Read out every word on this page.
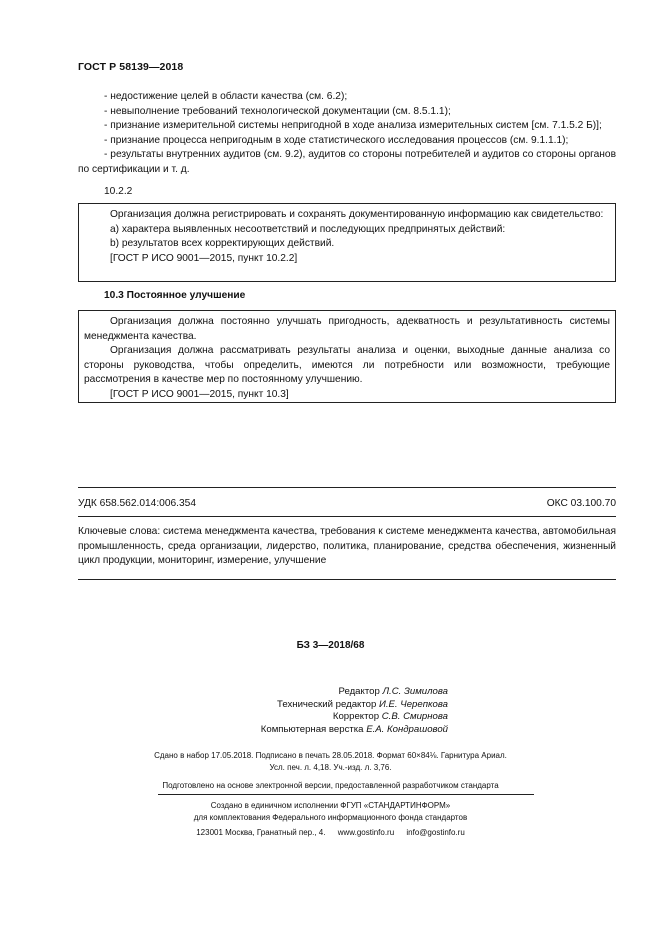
ГОСТ Р 58139—2018
- недостижение целей в области качества (см. 6.2);
- невыполнение требований технологической документации (см. 8.5.1.1);
- признание измерительной системы непригодной в ходе анализа измерительных систем [см. 7.1.5.2 Б)];
- признание процесса непригодным в ходе статистического исследования процессов (см. 9.1.1.1);
- результаты внутренних аудитов (см. 9.2), аудитов со стороны потребителей и аудитов со стороны органов по сертификации и т. д.
10.2.2
Организация должна регистрировать и сохранять документированную информацию как свидетельство:
a) характера выявленных несоответствий и последующих предпринятых действий:
b) результатов всех корректирующих действий.
[ГОСТ Р ИСО 9001—2015, пункт 10.2.2]
10.3 Постоянное улучшение
Организация должна постоянно улучшать пригодность, адекватность и результативность системы менеджмента качества.
Организация должна рассматривать результаты анализа и оценки, выходные данные анализа со стороны руководства, чтобы определить, имеются ли потребности или возможности, требующие рассмотрения в качестве мер по постоянному улучшению.
[ГОСТ Р ИСО 9001—2015, пункт 10.3]
УДК 658.562.014:006.354	ОКС 03.100.70
Ключевые слова: система менеджмента качества, требования к системе менеджмента качества, автомобильная промышленность, среда организации, лидерство, политика, планирование, средства обеспечения, жизненный цикл продукции, мониторинг, измерение, улучшение
БЗ 3—2018/68
Редактор Л.С. Зимилова
Технический редактор И.Е. Черепкова
Корректор С.В. Смирнова
Компьютерная верстка Е.А. Кондрашовой
Сдано в набор 17.05.2018. Подписано в печать 28.05.2018. Формат 60×84⅛. Гарнитура Ариал.
Усл. печ. л. 4,18. Уч.-изд. л. 3,76.
Подготовлено на основе электронной версии, предоставленной разработчиком стандарта
Создано в единичном исполнении ФГУП «СТАНДАРТИНФОРМ»
для комплектования Федерального информационного фонда стандартов
123001 Москва, Гранатный пер., 4. www.gostinfo.ru info@gostinfo.ru
